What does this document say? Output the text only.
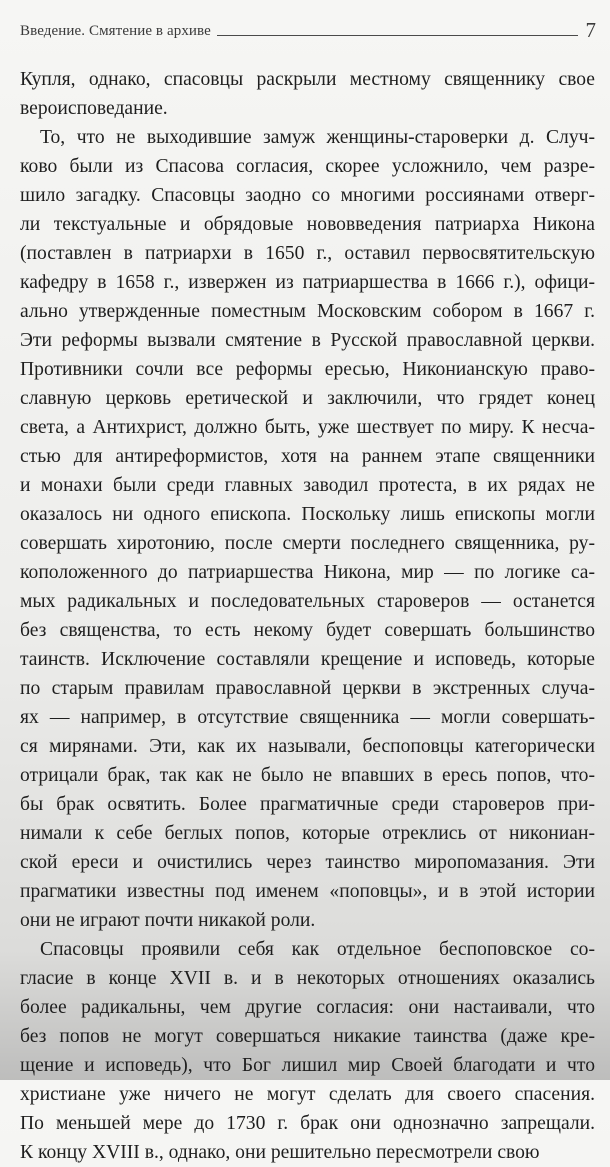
Введение. Смятение в архиве	7
Купля, однако, спасовцы раскрыли местному священнику свое
вероисповедание.
То, что не выходившие замуж женщины-староверки д. Случ-
ково были из Спасова согласия, скорее усложнило, чем разре-
шило загадку. Спасовцы заодно со многими россиянами отверг-
ли текстуальные и обрядовые нововведения патриарха Никона
(поставлен в патриархи в 1650 г., оставил первосвятительскую
кафедру в 1658 г., извержен из патриаршества в 1666 г.), офици-
ально утвержденные поместным Московским собором в 1667 г.
Эти реформы вызвали смятение в Русской православной церкви.
Противники сочли все реформы ересью, Никонианскую право-
славную церковь еретической и заключили, что грядет конец
света, а Антихрист, должно быть, уже шествует по миру. К несча-
стью для антиреформистов, хотя на раннем этапе священники
и монахи были среди главных заводил протеста, в их рядах не
оказалось ни одного епископа. Поскольку лишь епископы могли
совершать хиротонию, после смерти последнего священника, ру-
коположенного до патриаршества Никона, мир — по логике са-
мых радикальных и последовательных староверов — останется
без священства, то есть некому будет совершать большинство
таинств. Исключение составляли крещение и исповедь, которые
по старым правилам православной церкви в экстренных случа-
ях — например, в отсутствие священника — могли совершать-
ся мирянами. Эти, как их называли, беспоповцы категорически
отрицали брак, так как не было не впавших в ересь попов, что-
бы брак освятить. Более прагматичные среди староверов при-
нимали к себе беглых попов, которые отреклись от никониан-
ской ереси и очистились через таинство миропомазания. Эти
прагматики известны под именем «поповцы», и в этой истории
они не играют почти никакой роли.
Спасовцы проявили себя как отдельное беспоповское со-
гласие в конце XVII в. и в некоторых отношениях оказались
более радикальны, чем другие согласия: они настаивали, что
без попов не могут совершаться никакие таинства (даже кре-
щение и исповедь), что Бог лишил мир Своей благодати и что
христиане уже ничего не могут сделать для своего спасения.
По меньшей мере до 1730 г. брак они однозначно запрещали.
К концу XVIII в., однако, они решительно пересмотрели свою
